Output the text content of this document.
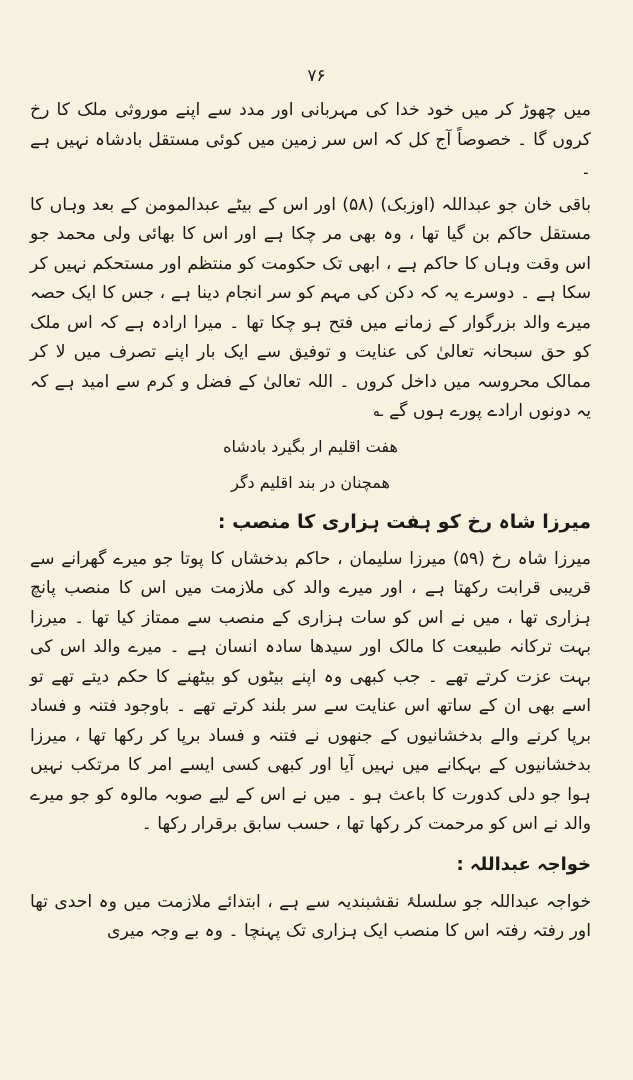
۷۶

میں چھوڑ کر میں خود خدا کی مہربانی اور مدد سے اپنے موروثی ملک کا رخ کروں گا ۔ خصوصاً آج کل کہ اس سر زمین میں کوئی مستقل بادشاہ نہیں ہے ۔

باقی خان جو عبداللہ (اوزبک) (۵۸) اور اس کے بیٹے عبدالمومن کے بعد وہاں کا مستقل حاکم بن گیا تھا ، وہ بھی مر چکا ہے اور اس کا بھائی ولی محمد جو اس وقت وہاں کا حاکم ہے ، ابھی تک حکومت کو منتظم اور مستحکم نہیں کر سکا ہے ۔ دوسرے یہ کہ دکن کی مہم کو سر انجام دینا ہے ، جس کا ایک حصہ میرے والد بزرگوار کے زمانے میں فتح ہو چکا تھا ۔ میرا ارادہ ہے کہ اس ملک کو حق سبحانہ تعالیٰ کی عنایت و توفیق سے ایک بار اپنے تصرف میں لا کر ممالک محروسہ میں داخل کروں ۔ اللہ تعالیٰ کے فضل و کرم سے امید ہے کہ یہ دونوں ارادے پورے ہوں گے ؎

هفت اقلیم ار بگیرد بادشاه
همچنان در بند اقلیم دگر
میرزا شاہ رخ کو ہفت ہزاری کا منصب :

میرزا شاہ رخ (۵۹) میرزا سلیمان ، حاکم بدخشاں کا پوتا جو میرے گھرانے سے قریبی قرابت رکھتا ہے ، اور میرے والد کی ملازمت میں اس کا منصب پانچ ہزاری تھا ، میں نے اس کو سات ہزاری کے منصب سے ممتاز کیا تھا ۔ میرزا بہت ترکانہ طبیعت کا مالک اور سیدھا سادہ انسان ہے ۔ میرے والد اس کی بہت عزت کرتے تھے ۔ جب کبھی وہ اپنے بیٹوں کو بیٹھنے کا حکم دیتے تھے تو اسے بھی ان کے ساتھ اس عنایت سے سر بلند کرتے تھے ۔ باوجود فتنہ و فساد برپا کرنے والے بدخشانیوں کے جنھوں نے فتنہ و فساد برپا کر رکھا تھا ، میرزا بدخشانیوں کے بہکانے میں نہیں آیا اور کبھی کسی ایسے امر کا مرتکب نہیں ہوا جو دلی کدورت کا باعث ہو ۔ میں نے اس کے لیے صوبہ مالوہ کو جو میرے والد نے اس کو مرحمت کر رکھا تھا ، حسب سابق برقرار رکھا ۔

خواجہ عبداللہ :

خواجہ عبداللہ جو سلسلۂ نقشبندیہ سے ہے ، ابتدائے ملازمت میں وہ احدی تھا اور رفتہ رفتہ اس کا منصب ایک ہزاری تک پہنچا ۔ وہ بے وجہ میری
